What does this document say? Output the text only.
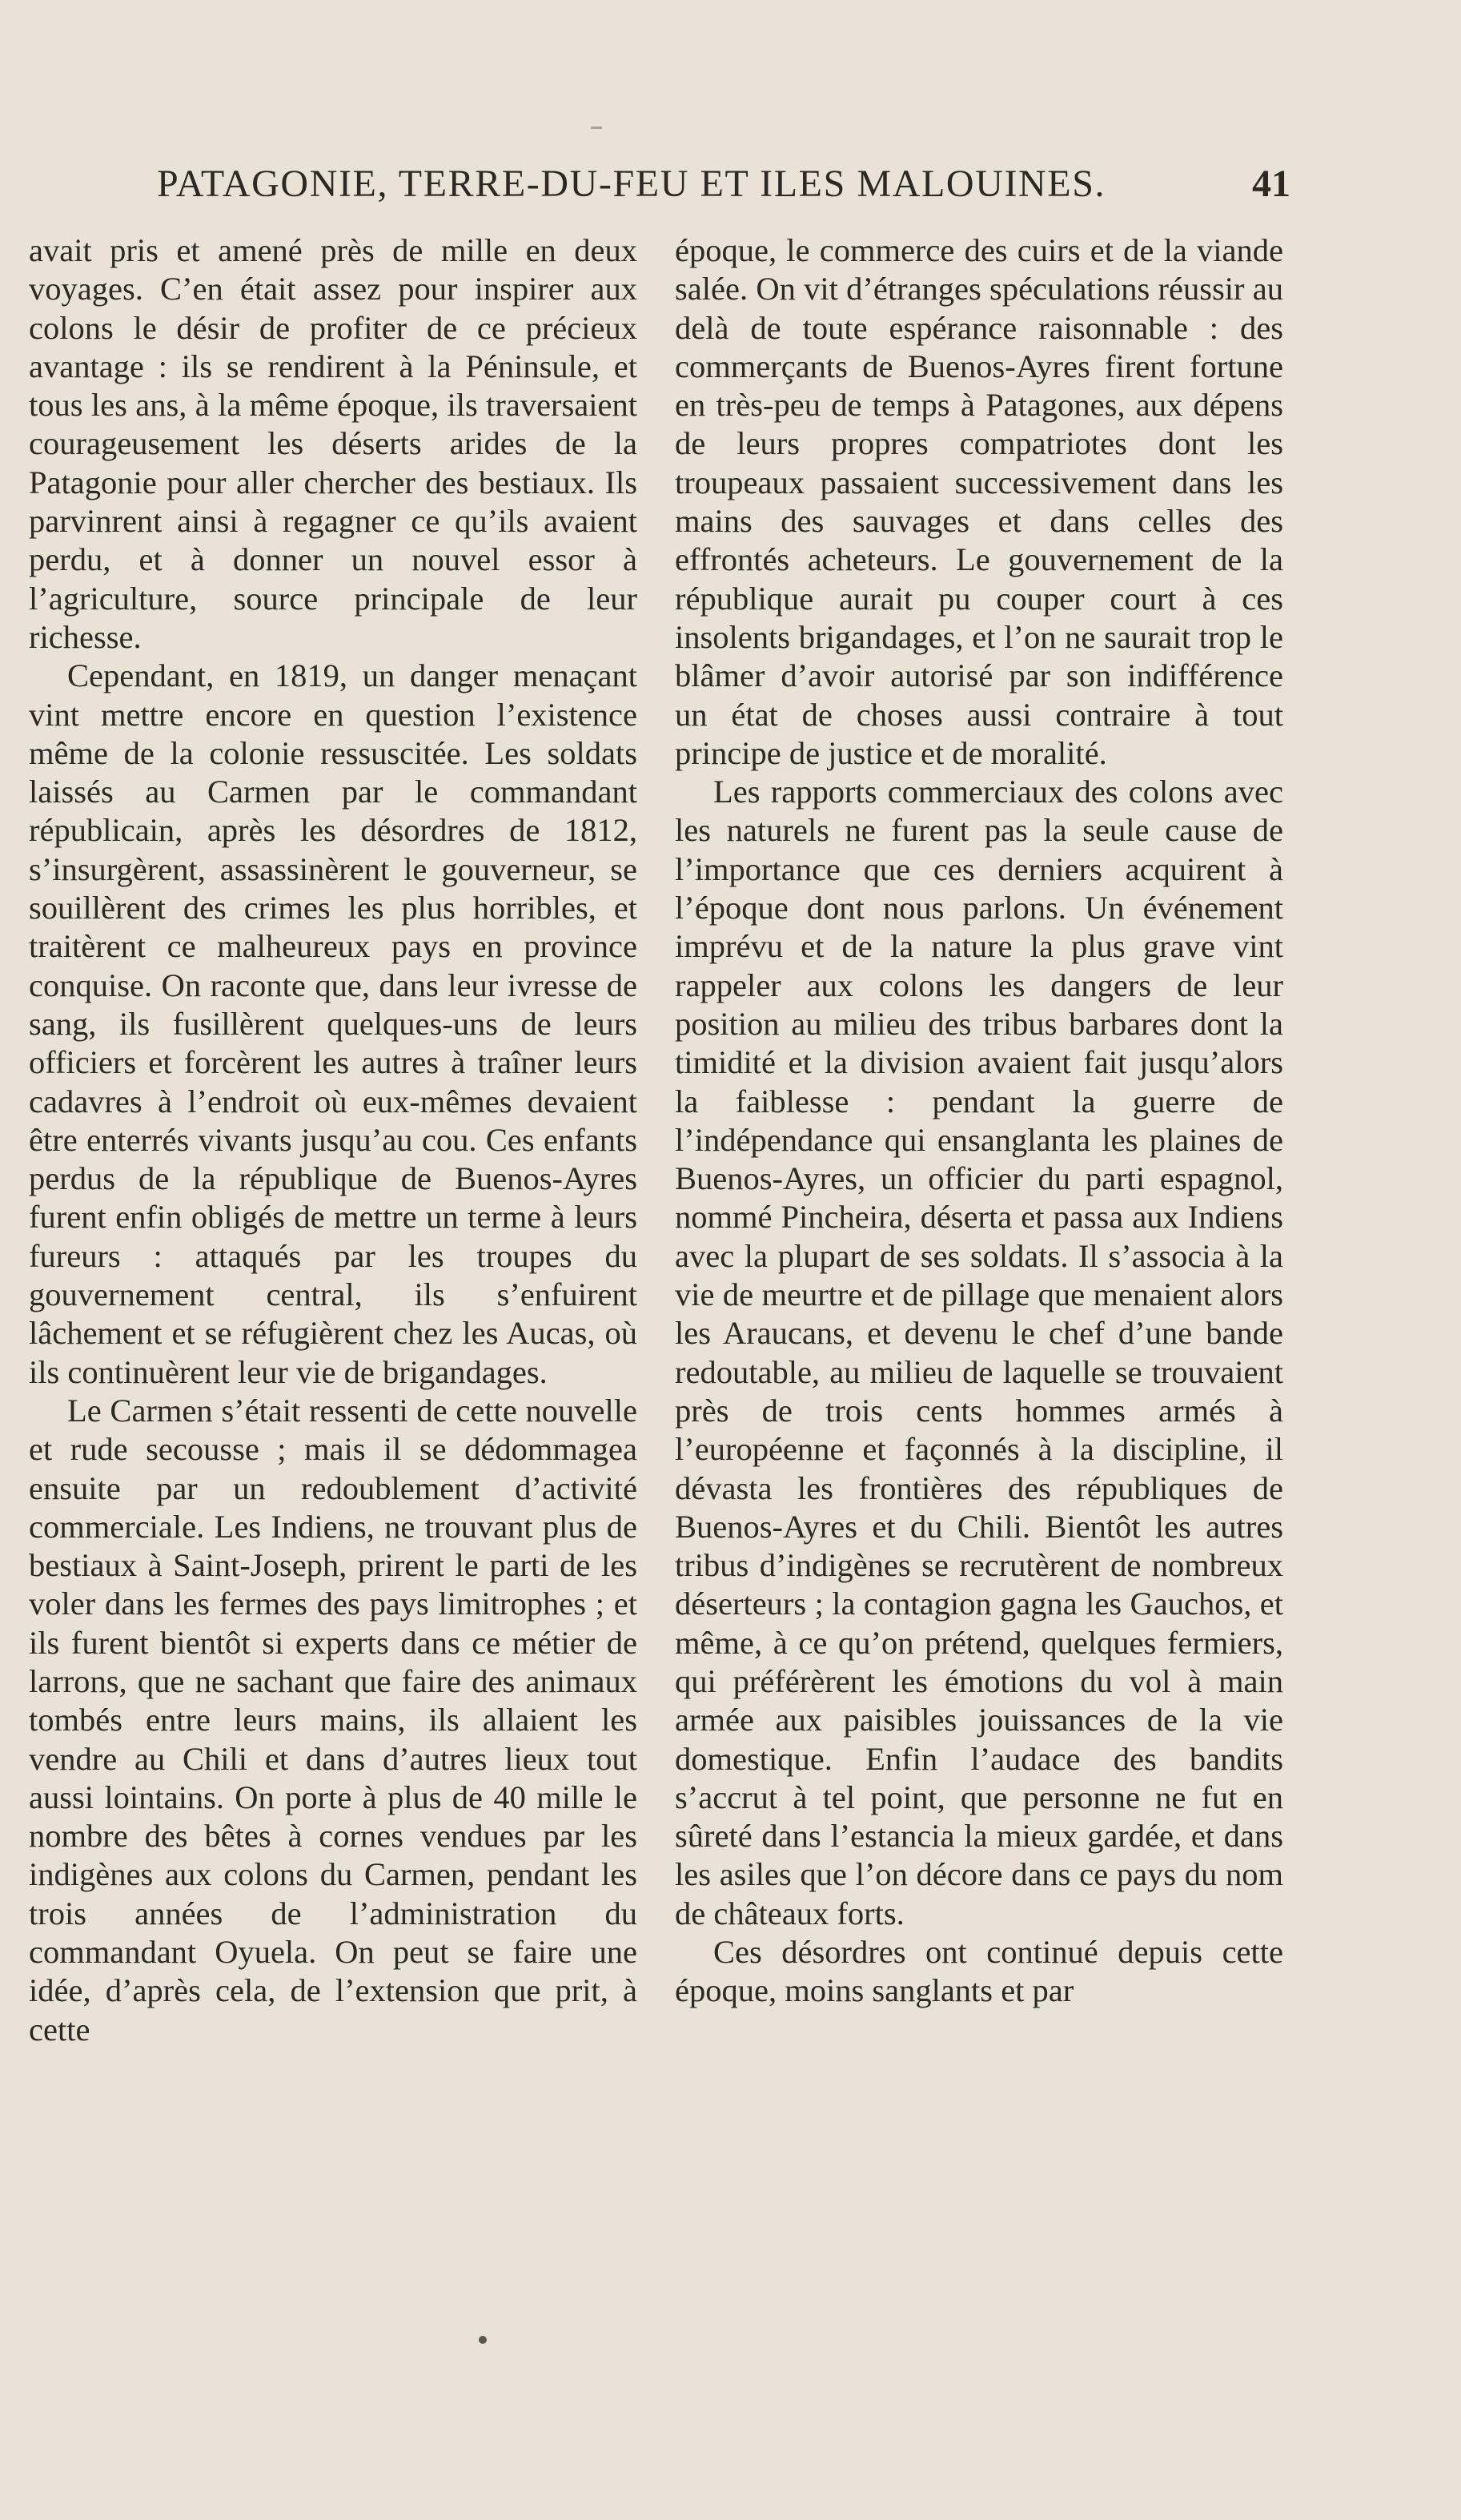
PATAGONIE, TERRE-DU-FEU ET ILES MALOUINES.	41

avait pris et amené près de mille en deux voyages. C’en était assez pour inspirer aux colons le désir de profiter de ce précieux avantage : ils se rendirent à la Péninsule, et tous les ans, à la même époque, ils traversaient courageusement les déserts arides de la Patagonie pour aller chercher des bestiaux. Ils parvinrent ainsi à regagner ce qu’ils avaient perdu, et à donner un nouvel essor à l’agriculture, source principale de leur richesse.

Cependant, en 1819, un danger menaçant vint mettre encore en question l’existence même de la colonie ressuscitée. Les soldats laissés au Carmen par le commandant républicain, après les désordres de 1812, s’insurgèrent, assassinèrent le gouverneur, se souillèrent des crimes les plus horribles, et traitèrent ce malheureux pays en province conquise. On raconte que, dans leur ivresse de sang, ils fusillèrent quelques-uns de leurs officiers et forcèrent les autres à traîner leurs cadavres à l’endroit où eux-mêmes devaient être enterrés vivants jusqu’au cou. Ces enfants perdus de la république de Buenos-Ayres furent enfin obligés de mettre un terme à leurs fureurs : attaqués par les troupes du gouvernement central, ils s’enfuirent lâchement et se réfugièrent chez les Aucas, où ils continuèrent leur vie de brigandages.

Le Carmen s’était ressenti de cette nouvelle et rude secousse ; mais il se dédommagea ensuite par un redoublement d’activité commerciale. Les Indiens, ne trouvant plus de bestiaux à Saint-Joseph, prirent le parti de les voler dans les fermes des pays limitrophes ; et ils furent bientôt si experts dans ce métier de larrons, que ne sachant que faire des animaux tombés entre leurs mains, ils allaient les vendre au Chili et dans d’autres lieux tout aussi lointains. On porte à plus de 40 mille le nombre des bêtes à cornes vendues par les indigènes aux colons du Carmen, pendant les trois années de l’administration du commandant Oyuela. On peut se faire une idée, d’après cela, de l’extension que prit, à cette

époque, le commerce des cuirs et de la viande salée. On vit d’étranges spéculations réussir au delà de toute espérance raisonnable : des commerçants de Buenos-Ayres firent fortune en très-peu de temps à Patagones, aux dépens de leurs propres compatriotes dont les troupeaux passaient successivement dans les mains des sauvages et dans celles des effrontés acheteurs. Le gouvernement de la république aurait pu couper court à ces insolents brigandages, et l’on ne saurait trop le blâmer d’avoir autorisé par son indifférence un état de choses aussi contraire à tout principe de justice et de moralité.

Les rapports commerciaux des colons avec les naturels ne furent pas la seule cause de l’importance que ces derniers acquirent à l’époque dont nous parlons. Un événement imprévu et de la nature la plus grave vint rappeler aux colons les dangers de leur position au milieu des tribus barbares dont la timidité et la division avaient fait jusqu’alors la faiblesse : pendant la guerre de l’indépendance qui ensanglanta les plaines de Buenos-Ayres, un officier du parti espagnol, nommé Pincheira, déserta et passa aux Indiens avec la plupart de ses soldats. Il s’associa à la vie de meurtre et de pillage que menaient alors les Araucans, et devenu le chef d’une bande redoutable, au milieu de laquelle se trouvaient près de trois cents hommes armés à l’européenne et façonnés à la discipline, il dévasta les frontières des républiques de Buenos-Ayres et du Chili. Bientôt les autres tribus d’indigènes se recrutèrent de nombreux déserteurs ; la contagion gagna les Gauchos, et même, à ce qu’on prétend, quelques fermiers, qui préférèrent les émotions du vol à main armée aux paisibles jouissances de la vie domestique. Enfin l’audace des bandits s’accrut à tel point, que personne ne fut en sûreté dans l’estancia la mieux gardée, et dans les asiles que l’on décore dans ce pays du nom de châteaux forts.

Ces désordres ont continué depuis cette époque, moins sanglants et par
